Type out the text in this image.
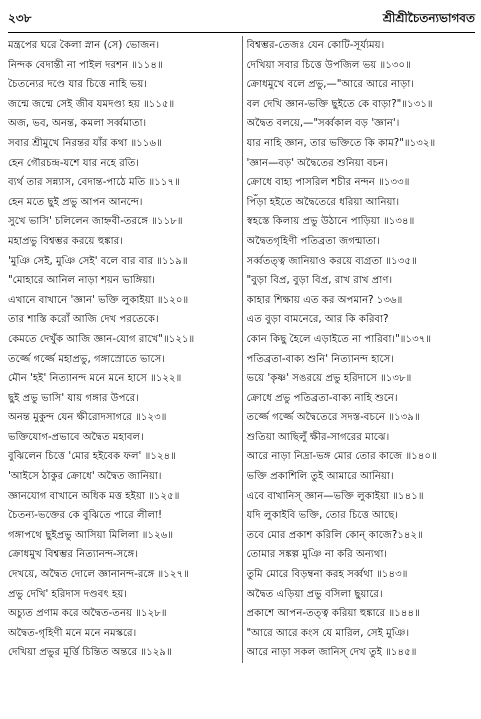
২৩৮	শ্রীশ্রীচৈতন্যভাগবত
মন্ত্রপের ঘরে কৈলা স্নান (সে) ভোজন।
নিন্দক বেদান্তী না পাইল দরশন ॥১১৪॥
চৈতন্যের দণ্ডে যার চিত্তে নাহি ভয়।
জন্মে জন্মে সেই জীব যমদণ্ড্য হয় ॥১১৫॥
অজ, ভব, অনন্ত, কমলা সর্ব্বমাতা।
সবার শ্রীমুখে নিরন্তর যাঁর কথা ॥১১৬॥
হেন গৌরচন্দ্র-যশে যার নহে রতি।
ব্যর্থ তার সন্ন্যাস, বেদান্ত-পাঠে মতি ॥১১৭॥
হেন মতে ছুই প্রভু আপন আনন্দে।
সুখে ভাসি' চলিলেন জাহ্নবী-তরঙ্গে ॥১১৮॥
মহাপ্রভু বিশ্বম্ভর করয়ে হুঙ্কার।
'মুঞি সেই, মুঞি সেই' বলে বার বার ॥১১৯॥
"মোহারে আনিল নাড়া শয়ন ভাঙ্গিয়া।
এখানে বাখানে 'জ্ঞান' ভক্তি লুকাইয়া ॥১২০॥
তার শাস্তি করোঁ আজি দেখ পরতেকে।
কেমতে দেখুঁক আজি জ্ঞান-যোগ রাখে"॥১২১॥
তর্জ্জে গর্জ্জে মহাপ্রভু, গঙ্গাস্রোতে ভাসে।
মৌন 'হই' নিত্যানন্দ মনে মনে হাসে ॥১২২॥
ছুই প্রভু ভাসি' যায় গঙ্গার উপরে।
অনন্ত মুকুন্দ যেন ক্ষীরোদসাগরে ॥১২৩॥
ভক্তিযোগ-প্রভাবে অদ্বৈত মহাবল।
বুঝিলেন চিত্তে 'মোর হইবেক ফল' ॥১২৪॥
'আইসে ঠাকুর ক্রোধে' অদ্বৈত জানিয়া।
জ্ঞানযোগ বাখানে অধিক মত্ত হইয়া ॥১২৫॥
চৈতন্য-ভক্তের কে বুঝিতে পারে লীলা!
গঙ্গাপথে ছুইপ্রভু আসিয়া মিলিলা ॥১২৬॥
ক্রোধমুখ বিশ্বম্ভর নিত্যানন্দ-সঙ্গে।
দেখয়ে, অদ্বৈত দোলে জ্ঞানানন্দ-রঙ্গে ॥১২৭॥
প্রভু দেখি' হরিদাস দণ্ডবৎ হয়।
অচ্যুত প্রণাম করে অদ্বৈত-তনয় ॥১২৮॥
অদ্বৈত-গৃহিণী মনে মনে নমস্করে।
দেখিয়া প্রভুর মূর্ত্তি চিন্তিত অন্তরে ॥১২৯॥
বিশ্বম্ভর-তেজঃ যেন কোটি-সূর্য্যময়।
দেখিয়া সবার চিত্তে উপজিল ভয় ॥১৩০॥
ক্রোধমুখে বলে প্রভু,—"আরে আরে নাড়া।
বল দেখি জ্ঞান-ভক্তি ছুইতে কে বাড়া?"॥১৩১॥
অদ্বৈত বলয়ে,—"সর্ব্বকাল বড় 'জ্ঞান'।
যার নাহি জ্ঞান, তার ভক্তিতে কি কাম?"॥১৩২॥
'জ্ঞান—বড়' অদ্বৈতের শুনিয়া বচন।
ক্রোধে বাহ্য পাসরিল শচীর নন্দন ॥১৩৩॥
পিঁড়া হইতে অদ্বৈতেরে ধরিয়া আনিয়া।
স্বহস্তে কিলায় প্রভু উঠানে পাড়িয়া ॥১৩৪॥
অদ্বৈতগৃহিণী পতিব্রতা জগন্মাতা।
সর্ব্বতত্ত্ব জানিয়াও করয়ে ব্যগ্রতা ॥১৩৫॥
"বুড়া বিপ্র, বুড়া বিপ্র, রাখ রাখ প্রাণ।
কাহার শিক্ষায় এত কর অপমান? ১৩৬॥
এত বুড়া বামনেরে, আর কি করিবা?
কোন কিছু হৈলে এড়াইতে না পারিবা।"॥১৩৭॥
পতিব্রতা-বাক্য শুনি' নিত্যানন্দ হাসে।
ভয়ে 'কৃষ্ণ' সঙরয়ে প্রভু হরিদাসে ॥১৩৮॥
ক্রোধে প্রভু পতিব্রতা-বাক্য নাহি শুনে।
তর্জ্জে গর্জ্জে অদ্বৈতেরে সদস্ত-বচনে ॥১৩৯॥
শুতিয়া আছিলুঁ ক্ষীর-সাগরের মাঝে।
আরে নাড়া নিদ্রা-ভঙ্গ মোর তোর কাজে ॥১৪০॥
ভক্তি প্রকাশিলি তুই আমারে আনিয়া।
এবে বাখানিস্ জ্ঞান—ভক্তি লুকাইয়া ॥১৪১॥
যদি লুকাইবি ভক্তি, তোর চিত্তে আছে।
তবে মোর প্রকাশ করিলি কোন্ কাজে?১৪২॥
তোমার সঙ্কল্প মুঞি না করি অন্যথা।
তুমি মোরে বিড়ম্বনা করহ সর্ব্বথা ॥১৪৩॥
অদ্বৈত এড়িয়া প্রভু বসিলা ছুয়ারে।
প্রকাশে আপন-তত্ত্ব করিয়া হুঙ্কারে ॥১৪৪॥
"আরে আরে কংস যে মারিল, সেই মুঞি।
আরে নাড়া সকল জানিস্ দেখ তুই ॥১৪৫॥
